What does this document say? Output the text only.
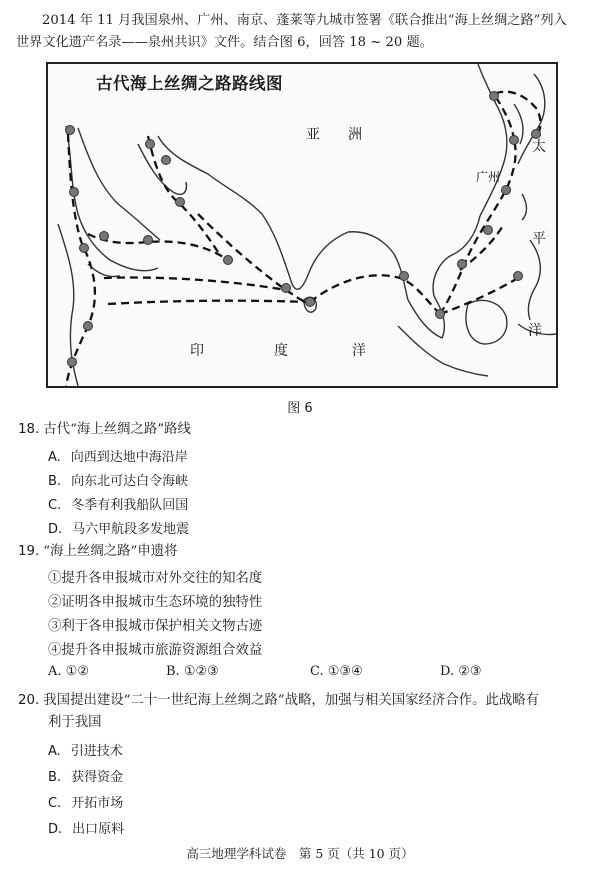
2014 年 11 月我国泉州、广州、南京、蓬莱等九城市签署《联合推出“海上丝绸之路”列入
世界文化遗产名录——泉州共识》文件。结合图 6，回答 18 ~ 20 题。
古代海上丝绸之路路线图
亚 洲
太
平
洋
广州
印	度	洋
图 6
18. 古代“海上丝绸之路”路线
A. 向西到达地中海沿岸
B. 向东北可达白令海峡
C. 冬季有利我船队回国
D. 马六甲航段多发地震
19. “海上丝绸之路”申遗将
①提升各申报城市对外交往的知名度
②证明各申报城市生态环境的独特性
③利于各申报城市保护相关文物古迹
④提升各申报城市旅游资源组合效益
A. ①②	B. ①②③	C. ①③④	D. ②③
20. 我国提出建设“二十一世纪海上丝绸之路”战略，加强与相关国家经济合作。此战略有
利于我国
A. 引进技术
B. 获得资金
C. 开拓市场
D. 出口原料
高三地理学科试卷　第 5 页（共 10 页）
